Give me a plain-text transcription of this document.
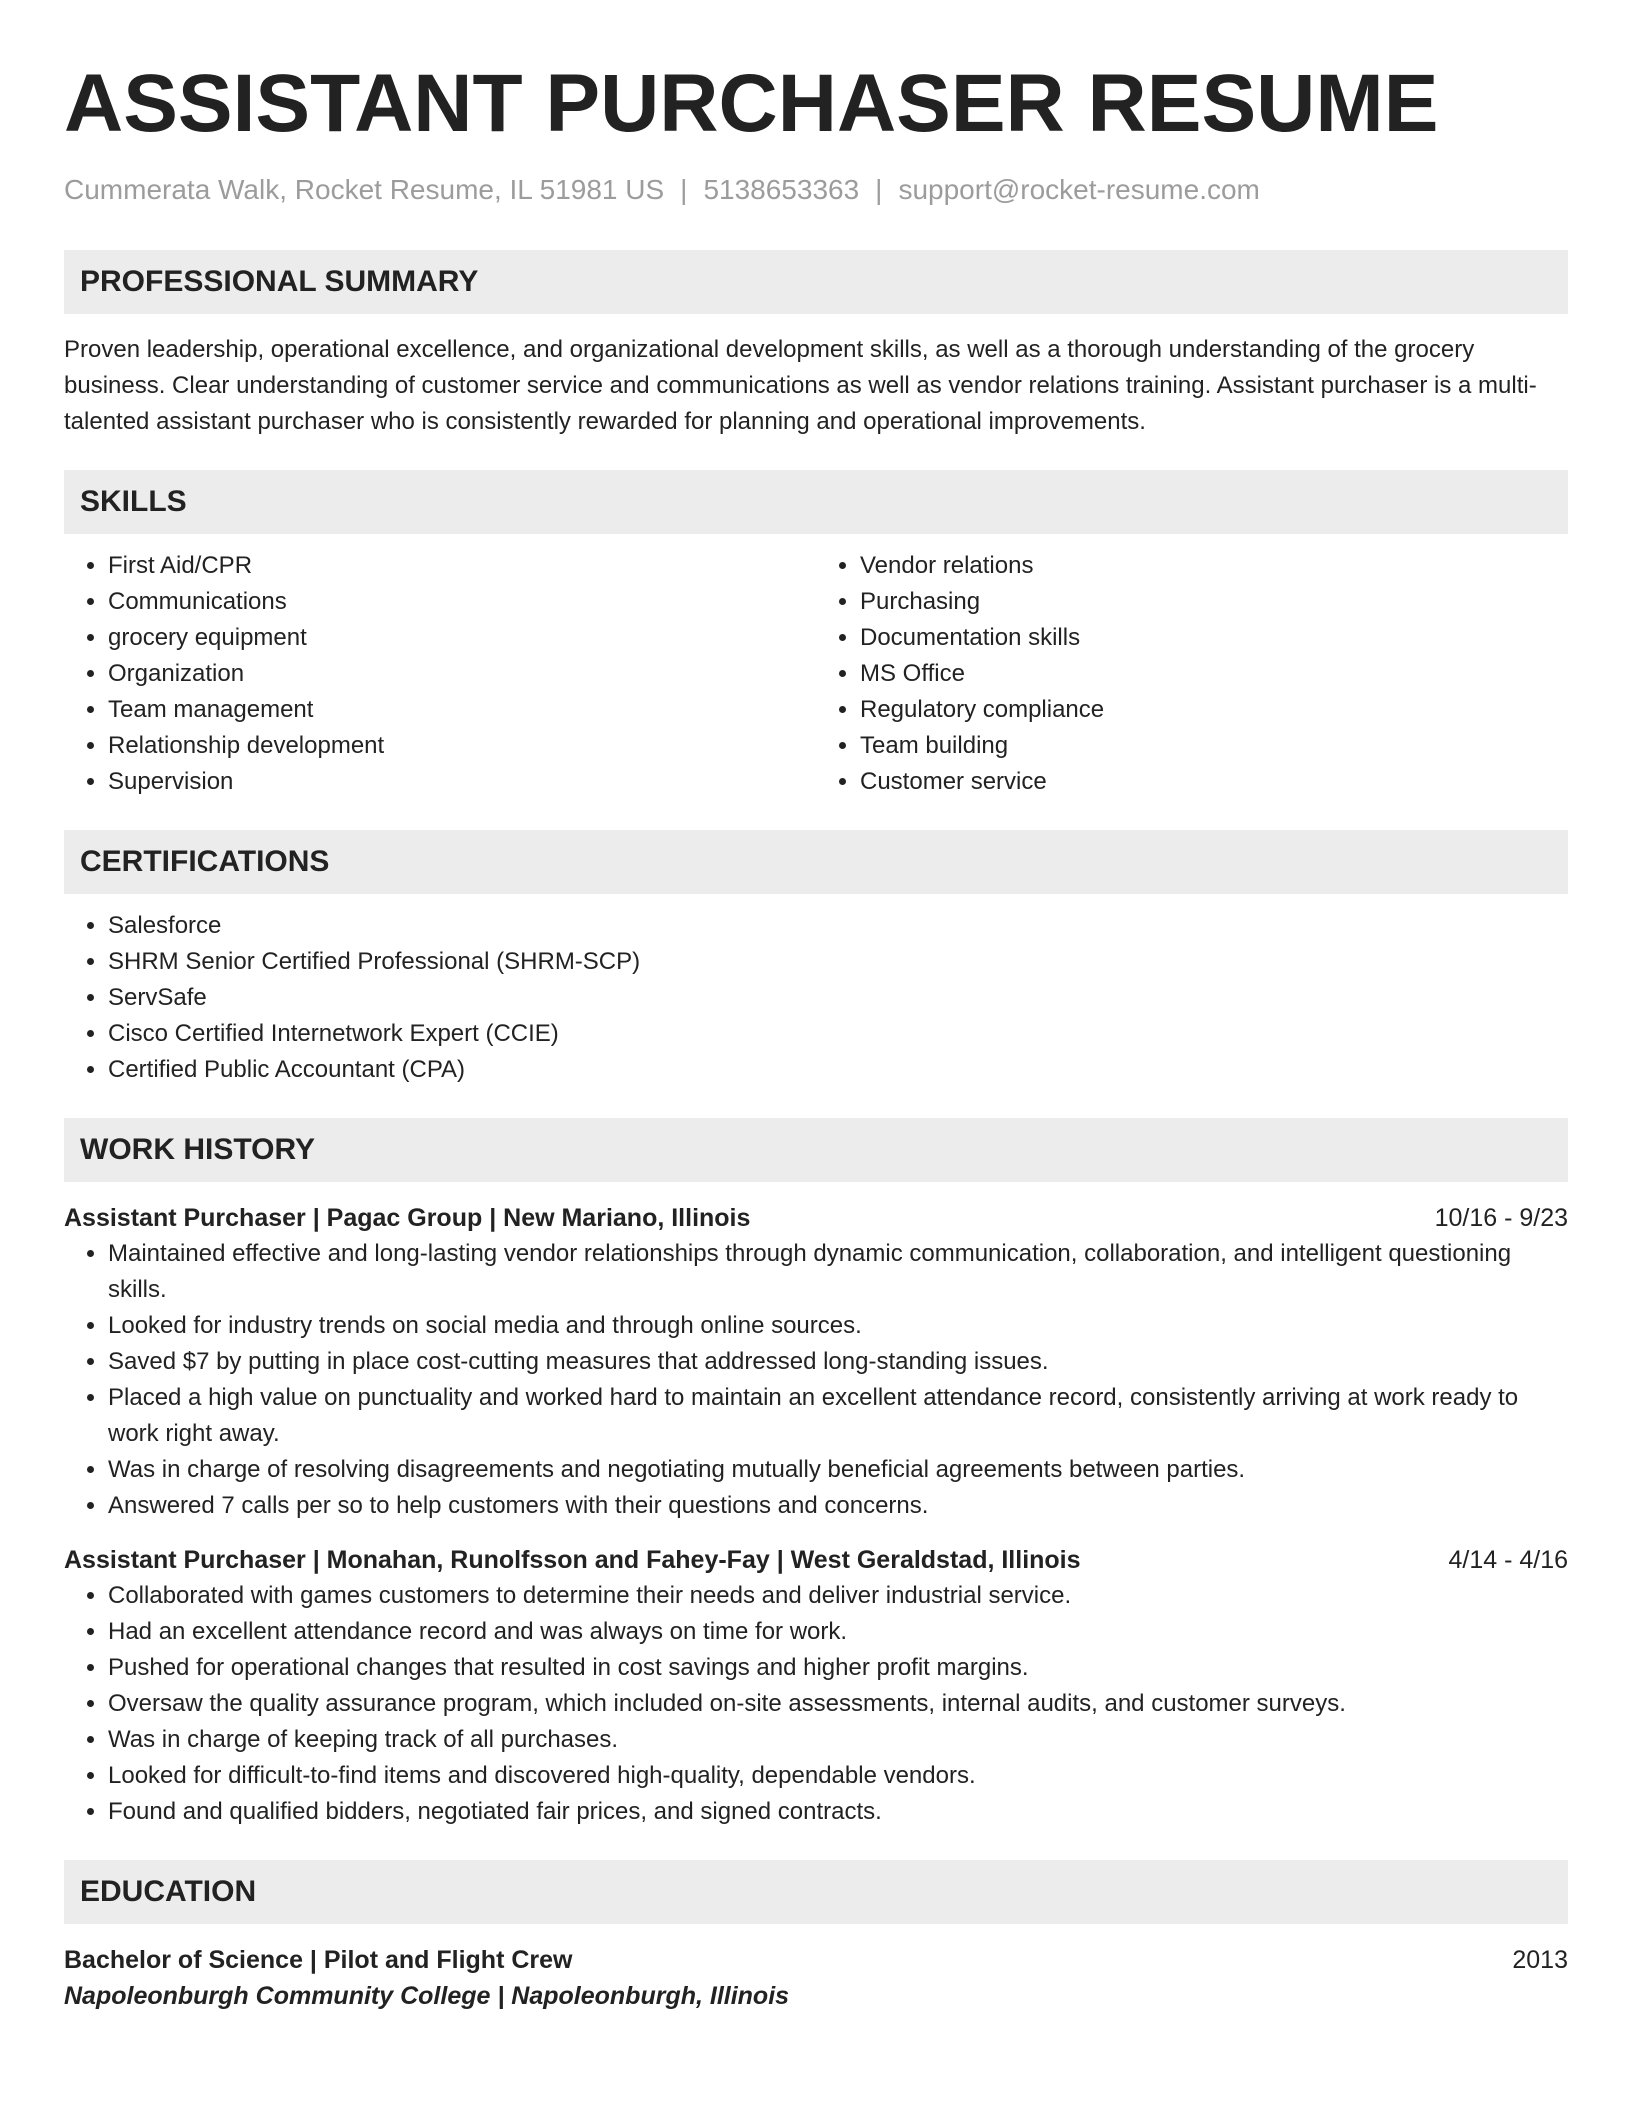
ASSISTANT PURCHASER RESUME
Cummerata Walk, Rocket Resume, IL 51981 US | 5138653363 | support@rocket-resume.com
PROFESSIONAL SUMMARY

Proven leadership, operational excellence, and organizational development skills, as well as a thorough understanding of the grocery business. Clear understanding of customer service and communications as well as vendor relations training. Assistant purchaser is a multi-talented assistant purchaser who is consistently rewarded for planning and operational improvements.

SKILLS
• First Aid/CPR
• Communications
• grocery equipment
• Organization
• Team management
• Relationship development
• Supervision
• Vendor relations
• Purchasing
• Documentation skills
• MS Office
• Regulatory compliance
• Team building
• Customer service
CERTIFICATIONS
• Salesforce
• SHRM Senior Certified Professional (SHRM-SCP)
• ServSafe
• Cisco Certified Internetwork Expert (CCIE)
• Certified Public Accountant (CPA)
WORK HISTORY
Assistant Purchaser | Pagac Group | New Mariano, Illinois	10/16 - 9/23
• Maintained effective and long-lasting vendor relationships through dynamic communication, collaboration, and intelligent questioning skills.
• Looked for industry trends on social media and through online sources.
• Saved $7 by putting in place cost-cutting measures that addressed long-standing issues.
• Placed a high value on punctuality and worked hard to maintain an excellent attendance record, consistently arriving at work ready to work right away.
• Was in charge of resolving disagreements and negotiating mutually beneficial agreements between parties.
• Answered 7 calls per so to help customers with their questions and concerns.
Assistant Purchaser | Monahan, Runolfsson and Fahey-Fay | West Geraldstad, Illinois	4/14 - 4/16
• Collaborated with games customers to determine their needs and deliver industrial service.
• Had an excellent attendance record and was always on time for work.
• Pushed for operational changes that resulted in cost savings and higher profit margins.
• Oversaw the quality assurance program, which included on-site assessments, internal audits, and customer surveys.
• Was in charge of keeping track of all purchases.
• Looked for difficult-to-find items and discovered high-quality, dependable vendors.
• Found and qualified bidders, negotiated fair prices, and signed contracts.
EDUCATION
Bachelor of Science | Pilot and Flight Crew	2013
Napoleonburgh Community College | Napoleonburgh, Illinois
